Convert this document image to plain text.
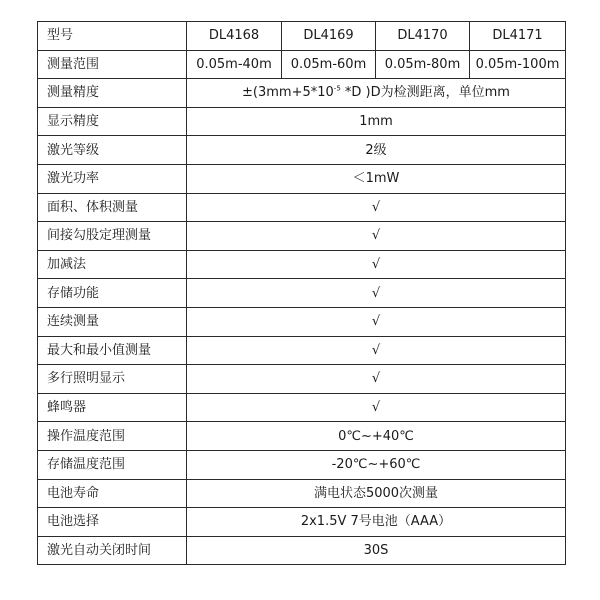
型号	DL4168	DL4169	DL4170	DL4171
测量范围	0.05m-40m	0.05m-60m	0.05m-80m	0.05m-100m
测量精度	$\pm(3mm+5*10^{-5}$ *D )D为检测距离，单位mm			
显示精度	1mm			
激光等级	2级			
激光功率	＜1mW			
面积、体积测量	√			
间接勾股定理测量	√			
加减法	√			
存储功能	√			
连续测量	√			
最大和最小值测量	√			
多行照明显示	√			
蜂鸣器	√			
操作温度范围	0℃~+40℃			
存储温度范围	-20℃~+60℃			
电池寿命	满电状态5000次测量			
电池选择	2x1.5V 7号电池（AAA）			
激光自动关闭时间	30S			
